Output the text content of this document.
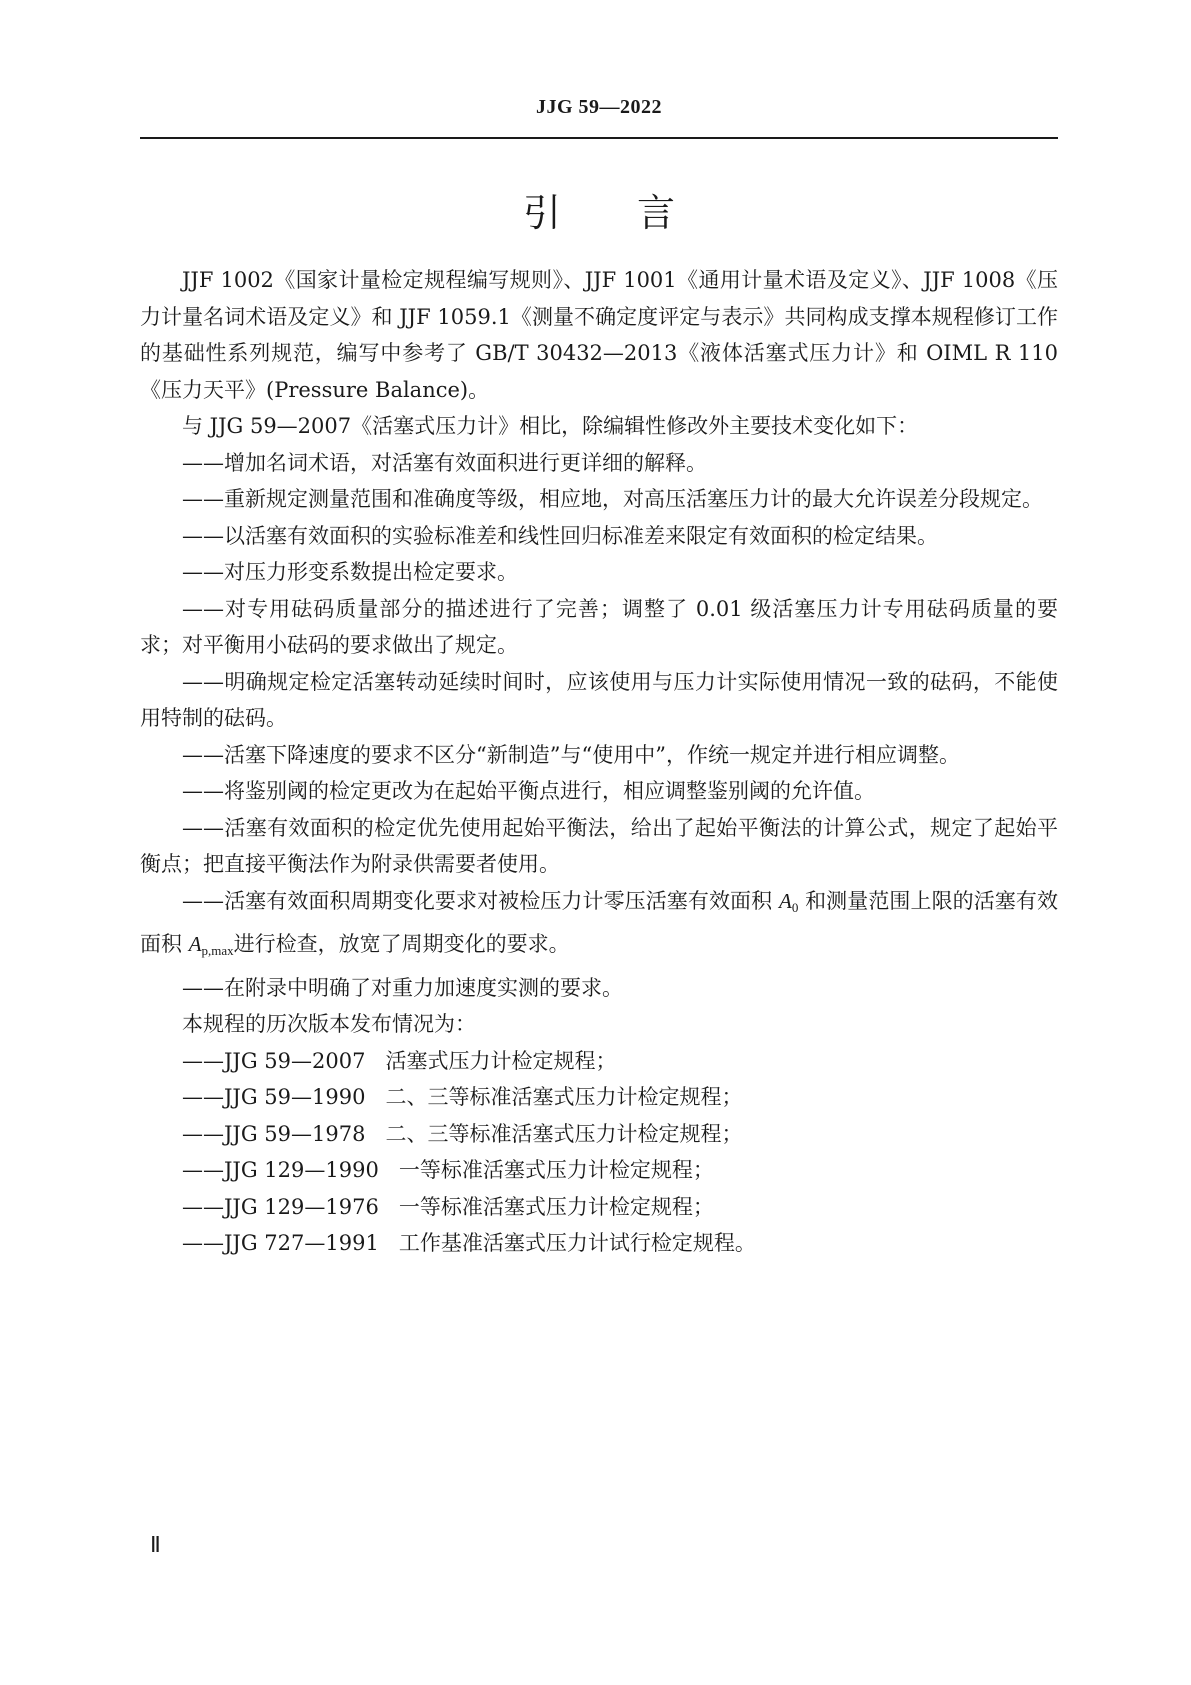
JJG 59—2022
引言

JJF 1002《国家计量检定规程编写规则》、JJF 1001《通用计量术语及定义》、JJF 1008《压力计量名词术语及定义》和 JJF 1059.1《测量不确定度评定与表示》共同构成支撑本规程修订工作的基础性系列规范，编写中参考了 GB/T 30432—2013《液体活塞式压力计》和 OIML R 110《压力天平》(Pressure Balance)。

与 JJG 59—2007《活塞式压力计》相比，除编辑性修改外主要技术变化如下：

——增加名词术语，对活塞有效面积进行更详细的解释。

——重新规定测量范围和准确度等级，相应地，对高压活塞压力计的最大允许误差分段规定。

——以活塞有效面积的实验标准差和线性回归标准差来限定有效面积的检定结果。

——对压力形变系数提出检定要求。

——对专用砝码质量部分的描述进行了完善；调整了 0.01 级活塞压力计专用砝码质量的要求；对平衡用小砝码的要求做出了规定。

——明确规定检定活塞转动延续时间时，应该使用与压力计实际使用情况一致的砝码，不能使用特制的砝码。

——活塞下降速度的要求不区分“新制造”与“使用中”，作统一规定并进行相应调整。

——将鉴别阈的检定更改为在起始平衡点进行，相应调整鉴别阈的允许值。

——活塞有效面积的检定优先使用起始平衡法，给出了起始平衡法的计算公式，规定了起始平衡点；把直接平衡法作为附录供需要者使用。

——活塞有效面积周期变化要求对被检压力计零压活塞有效面积 $A_0$ 和测量范围上限的活塞有效面积 $A_{p,max}$进行检查，放宽了周期变化的要求。

——在附录中明确了对重力加速度实测的要求。

本规程的历次版本发布情况为：

——JJG 59—2007 活塞式压力计检定规程；

——JJG 59—1990 二、三等标准活塞式压力计检定规程；

——JJG 59—1978 二、三等标准活塞式压力计检定规程；

——JJG 129—1990 一等标准活塞式压力计检定规程；

——JJG 129—1976 一等标准活塞式压力计检定规程；

——JJG 727—1991 工作基准活塞式压力计试行检定规程。

Ⅱ
